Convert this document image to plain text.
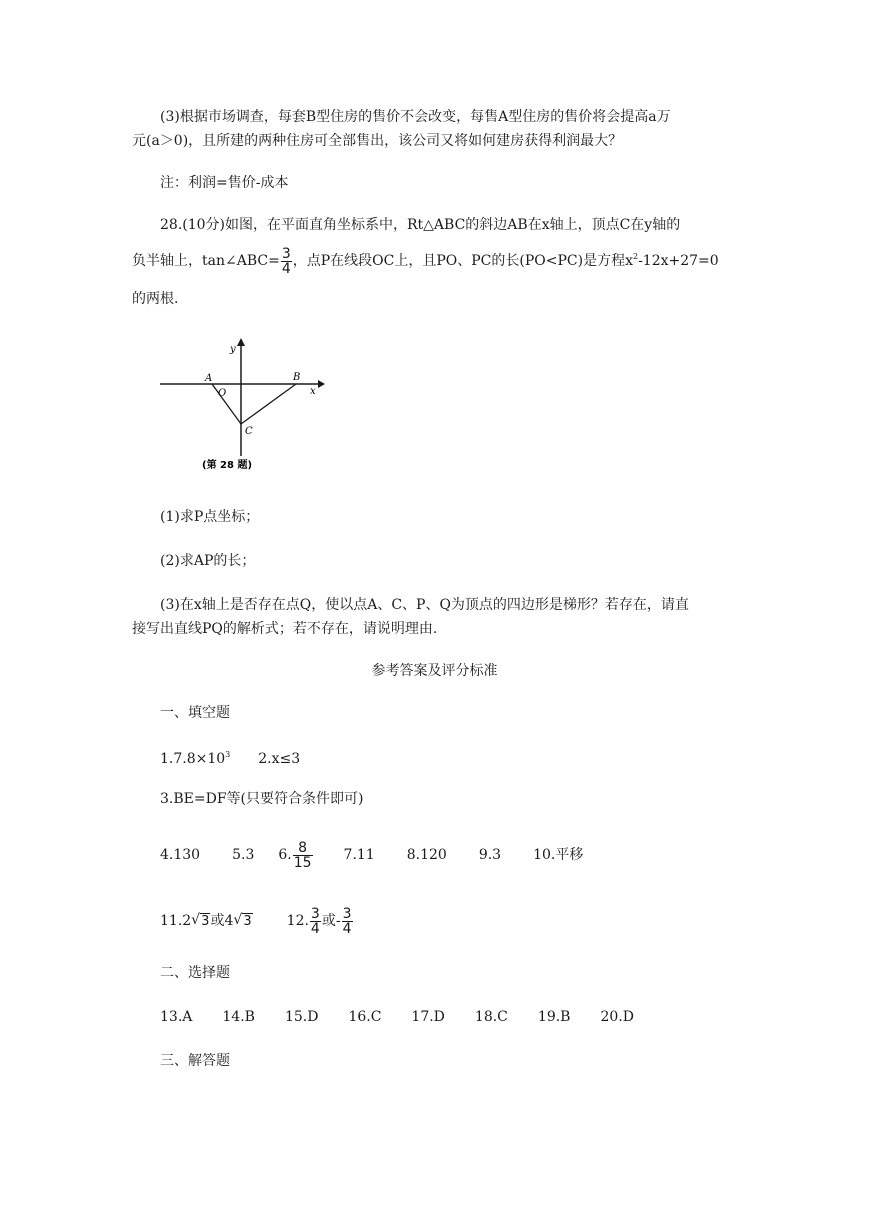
(3)根据市场调查，每套B型住房的售价不会改变，每售A型住房的售价将会提高a万
元(a＞0)，且所建的两种住房可全部售出，该公司又将如何建房获得利润最大？
注：利润=售价-成本
28.(10分)如图，在平面直角坐标系中，Rt△ABC的斜边AB在x轴上，顶点C在y轴的
负半轴上，tan∠ABC= $\frac{3}{4}$ ，点P在线段OC上，且PO、PC的长(PO<PC)是方程$x^2-12x+27=0$
的两根.
y
x
A
O
B
C
(第 28 题)
(1)求P点坐标；
(2)求AP的长；
(3)在x轴上是否存在点Q，使以点A、C、P、Q为顶点的四边形是梯形？若存在，请直
接写出直线PQ的解析式；若不存在，请说明理由.
参考答案及评分标准
一、填空题
$1.7.8\times 10^3$ 2.x≤3
3.BE=DF等(只要符合条件即可)
4.130 5.3 6. $\frac{8}{15} 7.11$ 8.120 9.3 10.平移
11.2 √ 3或4 √ 3	12. $\frac{3}{4}$ 或- $\frac{3}{4}$
二、选择题
13.A 14.B 15.D 16.C 17.D 18.C 19.B 20.D
三、解答题
